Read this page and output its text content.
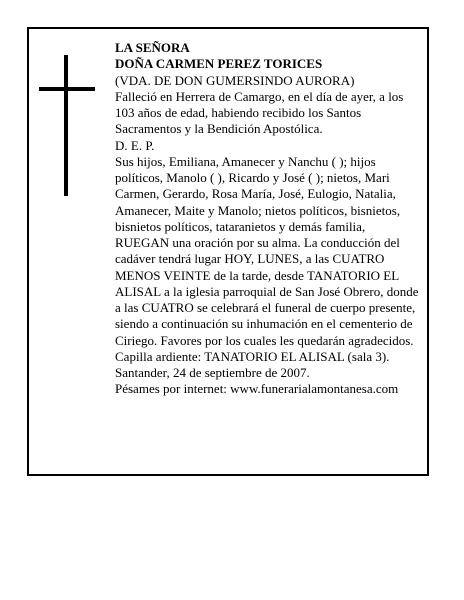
LA SEÑORA

DOÑA CARMEN PEREZ TORICES

(VDA. DE DON GUMERSINDO AURORA)

Falleció en Herrera de Camargo, en el día de ayer, a los 103 años de edad, habiendo recibido los Santos Sacramentos y la Bendición Apostólica.

D. E. P.

Sus hijos, Emiliana, Amanecer y Nanchu ( ); hijos políticos, Manolo ( ), Ricardo y José ( ); nietos, Mari Carmen, Gerardo, Rosa María, José, Eulogio, Natalia, Amanecer, Maite y Manolo; nietos políticos, bisnietos, bisnietos políticos, tataranietos y demás familia,

RUEGAN una oración por su alma. La conducción del cadáver tendrá lugar HOY, LUNES, a las CUATRO MENOS VEINTE de la tarde, desde TANATORIO EL ALISAL a la iglesia parroquial de San José Obrero, donde a las CUATRO se celebrará el funeral de cuerpo presente, siendo a continuación su inhumación en el cementerio de Ciriego. Favores por los cuales les quedarán agradecidos. Capilla ardiente: TANATORIO EL ALISAL (sala 3).

Santander, 24 de septiembre de 2007.

Pésames por internet: www.funerarialamontanesa.com
